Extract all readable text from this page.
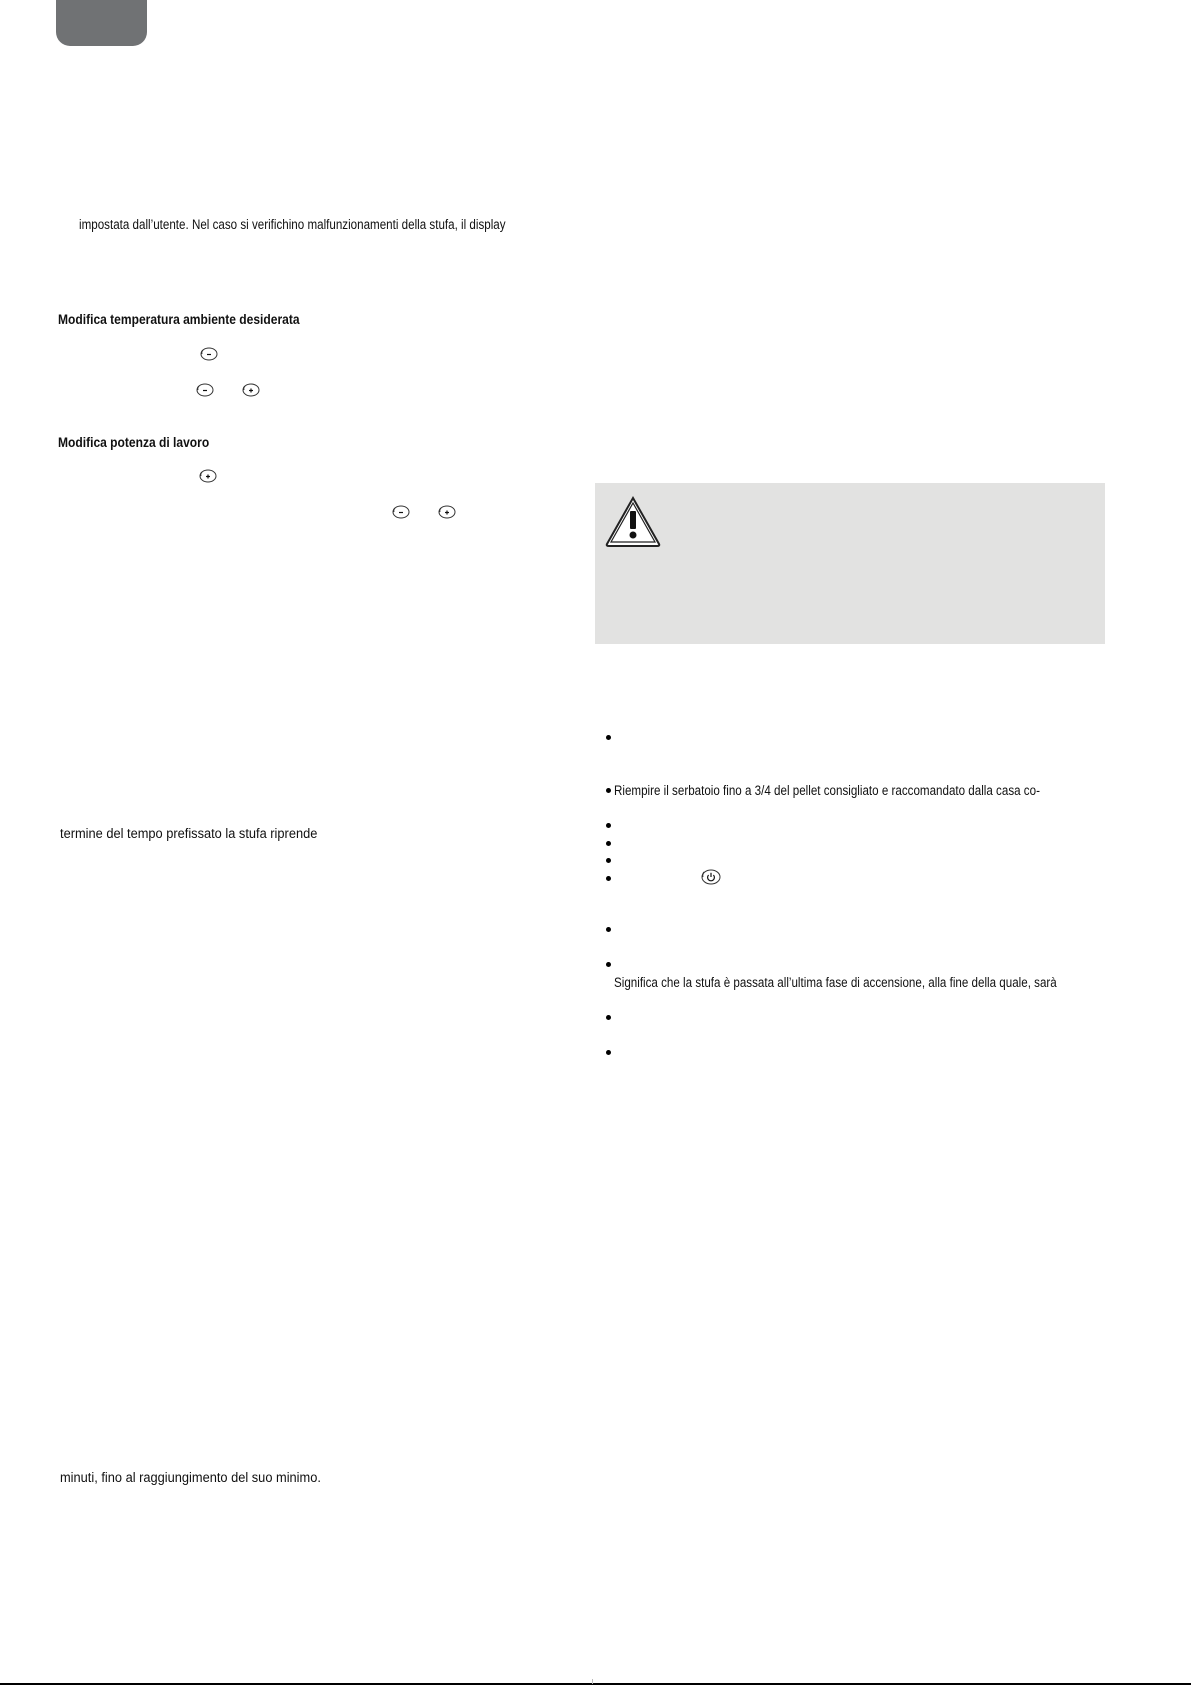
impostata dall’utente. Nel caso si verifichino malfunzionamenti della stufa, il display
Modifica temperatura ambiente desiderata
Modifica potenza di lavoro
termine del tempo prefissato la stufa riprende
minuti, fino al raggiungimento del suo minimo.
Riempire il serbatoio fino a 3/4 del pellet consigliato e raccomandato dalla casa co-
Significa che la stufa è passata all’ultima fase di accensione, alla fine della quale, sarà
